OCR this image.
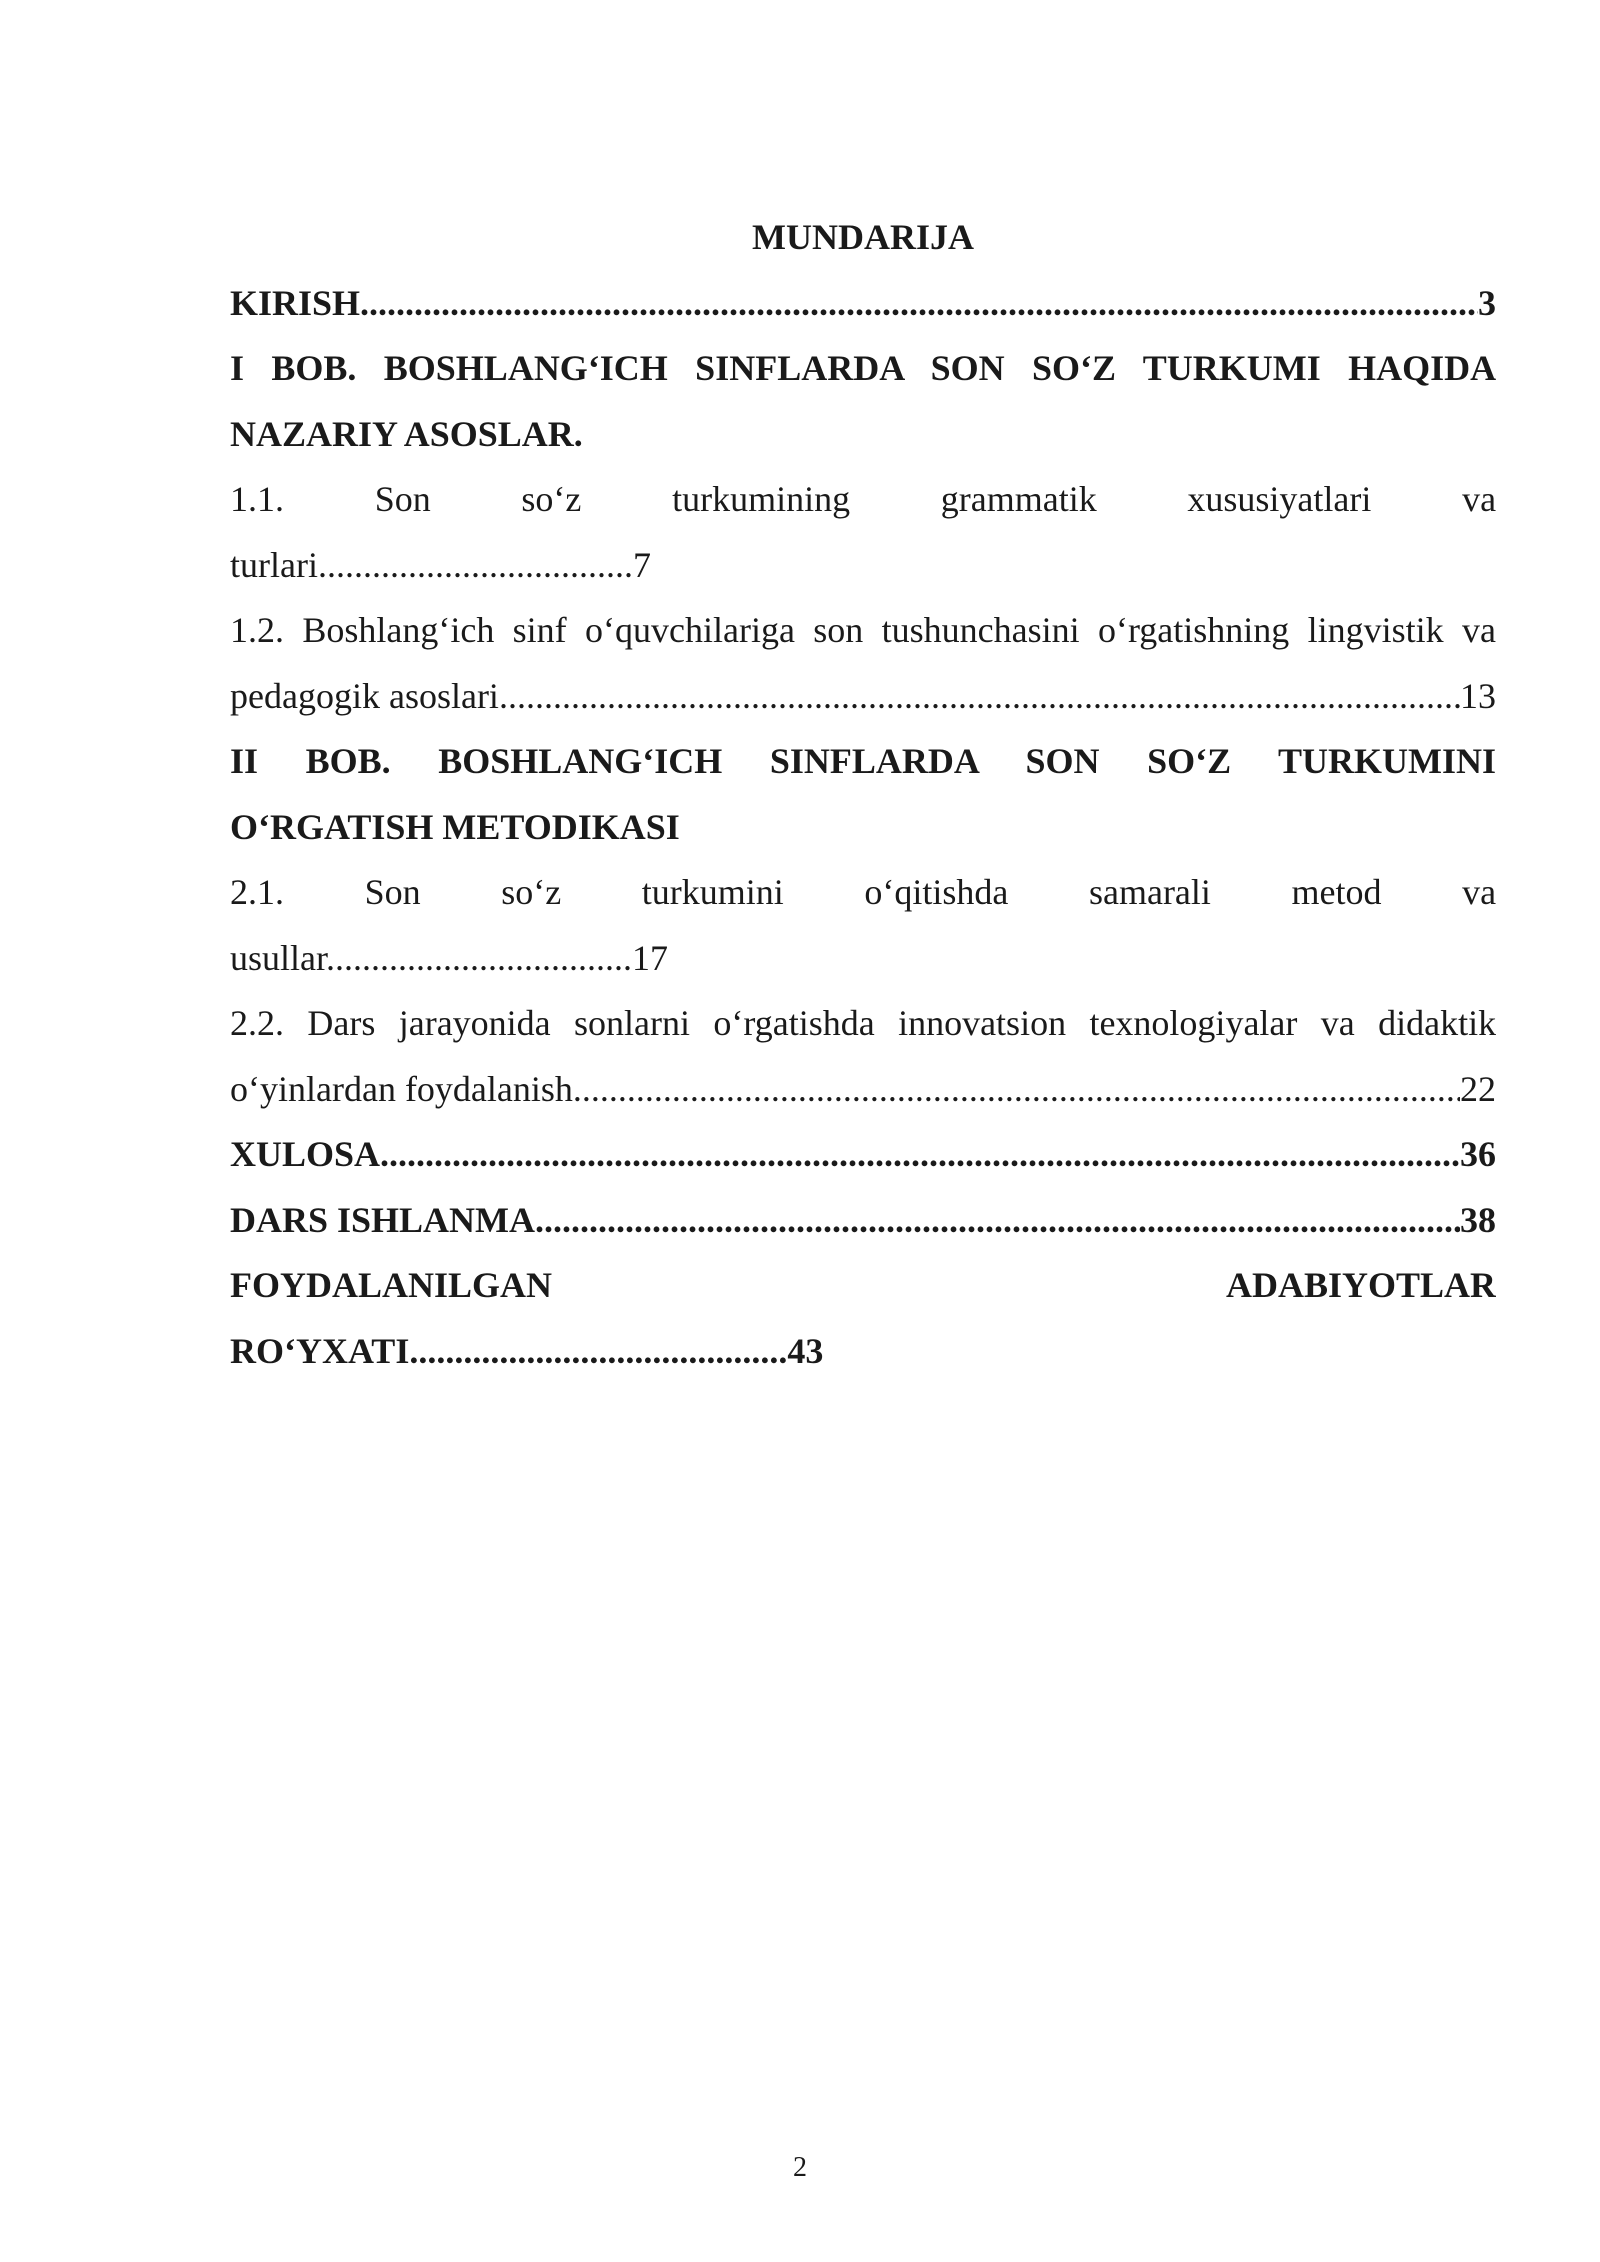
MUNDARIJA
KIRISH .....	3
I BOB. BOSHLANG‘ICH SINFLARDA SON SO‘Z TURKUMI HAQIDA
NAZARIY ASOSLAR.
1.1.	Son	so‘z	turkumining	grammatik	xususiyatlari	va
turlari...................................7
1.2. Boshlang‘ich sinf o‘quvchilariga son tushunchasini o‘rgatishning lingvistik va
pedagogik asoslari .....	13
II BOB. BOSHLANG‘ICH SINFLARDA SON SO‘Z TURKUMINI
O‘RGATISH METODIKASI
2.1. Son so‘z turkumini o‘qitishda samarali metod va
usullar..................................17
2.2. Dars jarayonida sonlarni o‘rgatishda innovatsion texnologiyalar va didaktik
o‘yinlardan foydalanish .....	22
XULOSA .....	36
DARS ISHLANMA .....	38
FOYDALANILGAN	ADABIYOTLAR
RO‘YXATI..........................................43
2
